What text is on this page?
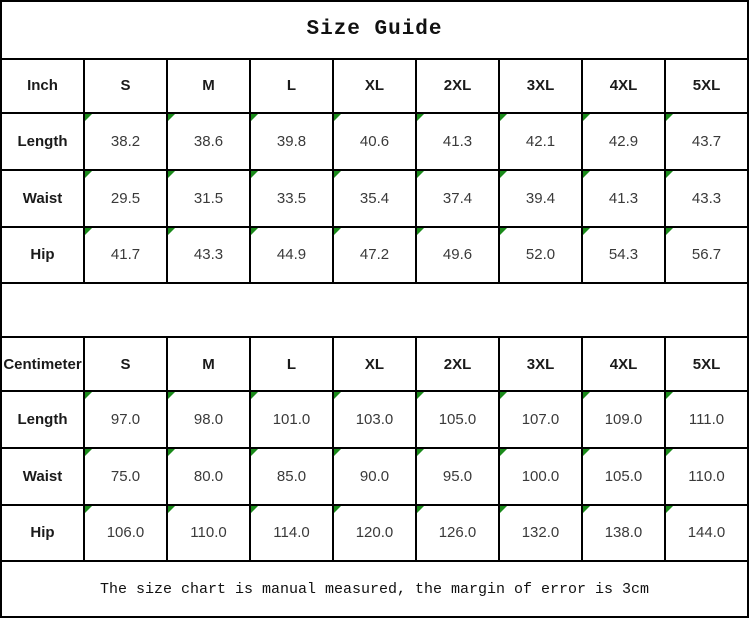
Size Guide								
Inch	S	M	L	XL	2XL	3XL	4XL	5XL
Length	38.2	38.6	39.8	40.6	41.3	42.1	42.9	43.7
Waist	29.5	31.5	33.5	35.4	37.4	39.4	41.3	43.3
Hip	41.7	43.3	44.9	47.2	49.6	52.0	54.3	56.7

Centimeter	S	M	L	XL	2XL	3XL	4XL	5XL
Length	97.0	98.0	101.0	103.0	105.0	107.0	109.0	111.0
Waist	75.0	80.0	85.0	90.0	95.0	100.0	105.0	110.0
Hip	106.0	110.0	114.0	120.0	126.0	132.0	138.0	144.0
The size chart is manual measured, the margin of error is 3cm								
